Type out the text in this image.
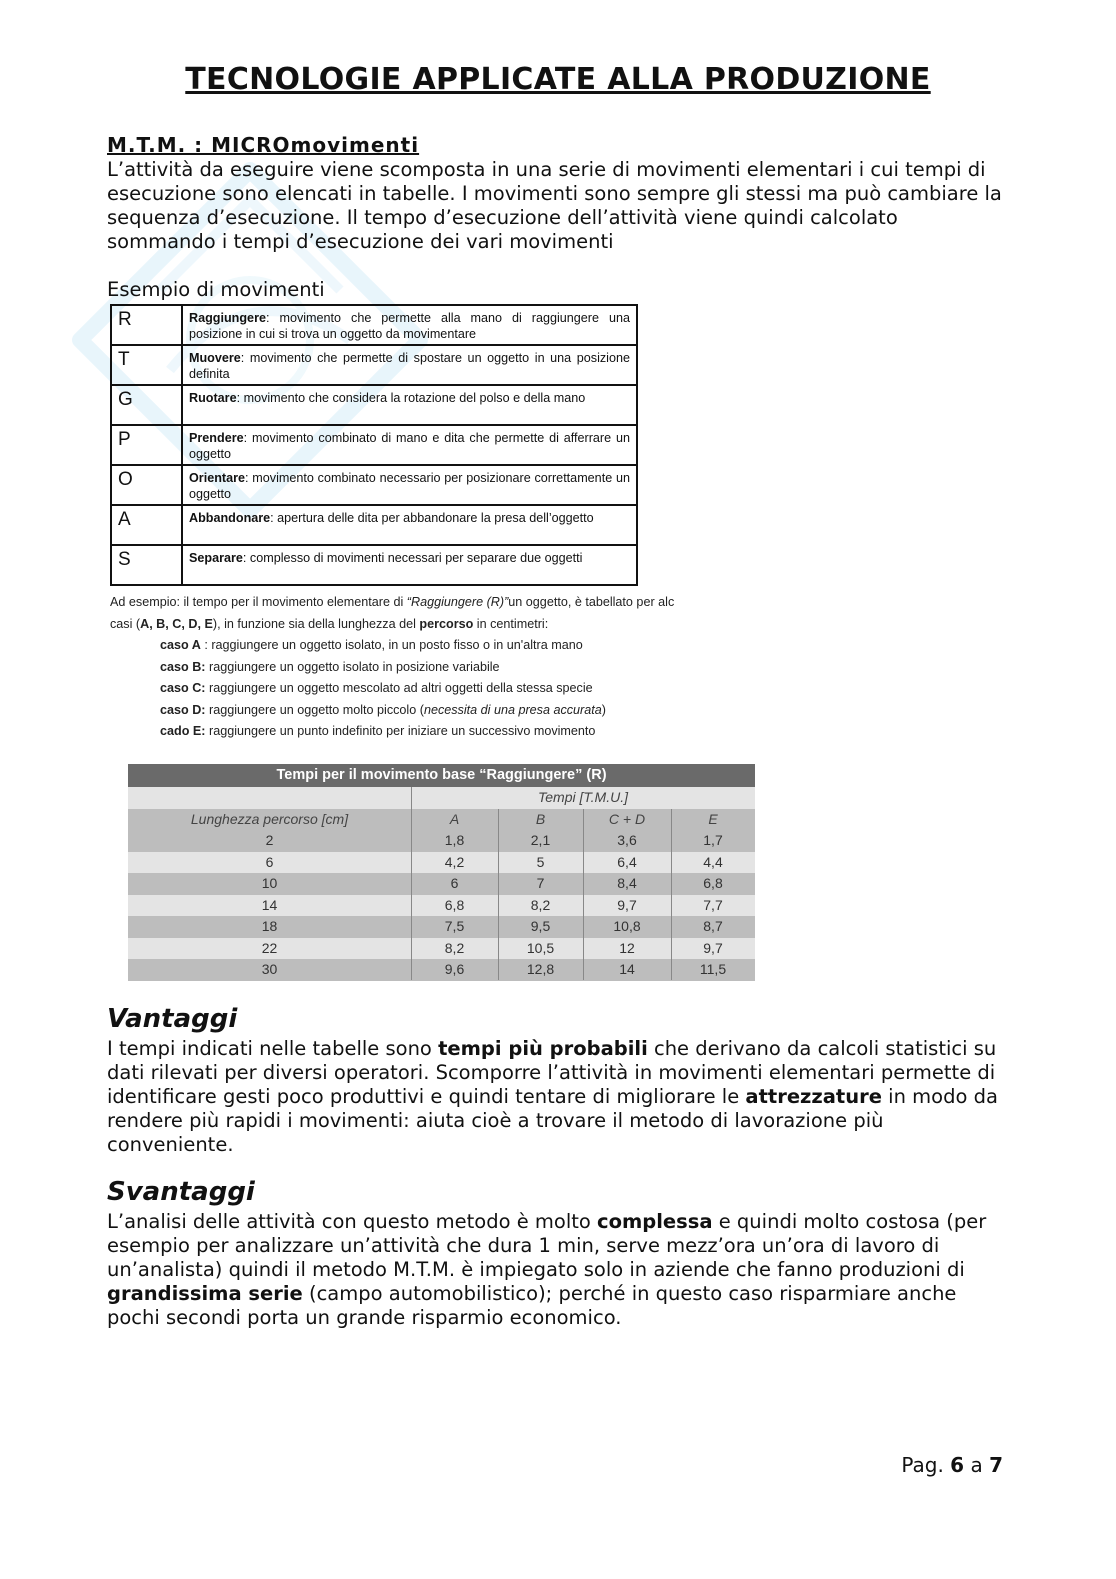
TECNOLOGIE APPLICATE ALLA PRODUZIONE
M.T.M. : MICROmovimenti

L’attività da eseguire viene scomposta in una serie di movimenti elementari i cui tempi di esecuzione sono elencati in tabelle. I movimenti sono sempre gli stessi ma può cambiare la sequenza d’esecuzione. Il tempo d’esecuzione dell’attività viene quindi calcolato sommando i tempi d’esecuzione dei vari movimenti

Esempio di movimenti

R	Raggiungere: movimento che permette alla mano di raggiungere una posizione in cui si trova un oggetto da movimentare
T	Muovere: movimento che permette di spostare un oggetto in una posizione definita
G	Ruotare: movimento che considera la rotazione del polso e della mano
P	Prendere: movimento combinato di mano e dita che permette di afferrare un oggetto
O	Orientare: movimento combinato necessario per posizionare correttamente un oggetto
A	Abbandonare: apertura delle dita per abbandonare la presa dell’oggetto
S	Separare: complesso di movimenti necessari per separare due oggetti

Ad esempio: il tempo per il movimento elementare di “Raggiungere (R)”un oggetto, è tabellato per alc

casi (A, B, C, D, E), in funzione sia della lunghezza del percorso in centimetri:

caso A : raggiungere un oggetto isolato, in un posto fisso o in un'altra mano

caso B: raggiungere un oggetto isolato in posizione variabile

caso C: raggiungere un oggetto mescolato ad altri oggetti della stessa specie

caso D: raggiungere un oggetto molto piccolo (necessita di una presa accurata)

cado E: raggiungere un punto indefinito per iniziare un successivo movimento

Tempi per il movimento base “Raggiungere” (R)
Tempi [T.M.U.]
Lunghezza percorso [cm]	A	B	C + D	E
2	1,8	2,1	3,6	1,7
6	4,2	5	6,4	4,4
10	6	7	8,4	6,8
14	6,8	8,2	9,7	7,7
18	7,5	9,5	10,8	8,7
22	8,2	10,5	12	9,7
30	9,6	12,8	14	11,5
Vantaggi

I tempi indicati nelle tabelle sono tempi più probabili che derivano da calcoli statistici su dati rilevati per diversi operatori. Scomporre l’attività in movimenti elementari permette di identificare gesti poco produttivi e quindi tentare di migliorare le attrezzature in modo da rendere più rapidi i movimenti: aiuta cioè a trovare il metodo di lavorazione più conveniente.

Svantaggi

L’analisi delle attività con questo metodo è molto complessa e quindi molto costosa (per esempio per analizzare un’attività che dura 1 min, serve mezz’ora un’ora di lavoro di un’analista) quindi il metodo M.T.M. è impiegato solo in aziende che fanno produzioni di grandissima serie (campo automobilistico); perché in questo caso risparmiare anche pochi secondi porta un grande risparmio economico.

Pag. 6 a 7
